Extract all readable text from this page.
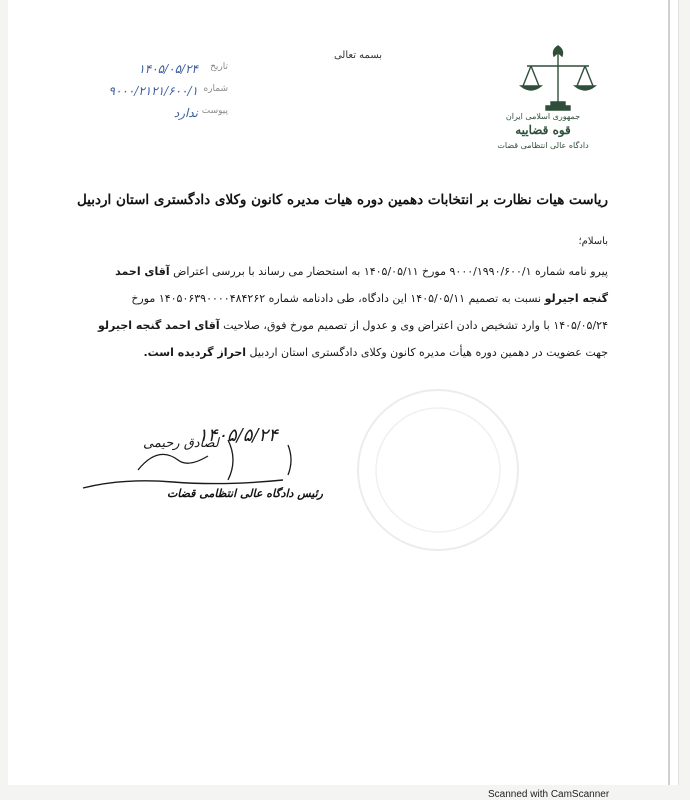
بسمه تعالی
تاریخ
۱۴۰۵/۰۵/۲۴
شماره
۹۰۰۰/۲۱۲۱/۶۰۰/۱
پیوست
ندارد	جمهوری اسلامی ایران
قوه قضاییه
دادگاه عالی انتظامی قضات
ریاست هیات نظارت بر انتخابات دهمین دوره هیات مدیره کانون وکلای دادگستری استان اردبیل
باسلام؛
پیرو نامه شماره ۹۰۰۰/۱۹۹۰/۶۰۰/۱ مورخ ۱۴۰۵/۰۵/۱۱ به استحضار می رساند با بررسی اعتراض آقای احمد
گنجه اجیرلو نسبت به تصمیم ۱۴۰۵/۰۵/۱۱ این دادگاه، طی دادنامه شماره ۱۴۰۵۰۶۳۹۰۰۰۰۴۸۴۲۶۲ مورخ
۱۴۰۵/۰۵/۲۴ با وارد تشخیص دادن اعتراض وی و عدول از تصمیم مورخ فوق، صلاحیت آقای احمد گنجه اجیرلو
جهت عضویت در دهمین دوره هیأت مدیره کانون وکلای دادگستری استان اردبیل احراز گردیده است.
۱۴۰۵/۵/۲۴
لصادق رحیمی
رئیس دادگاه عالی انتظامی قضات
Scanned with CamScanner
